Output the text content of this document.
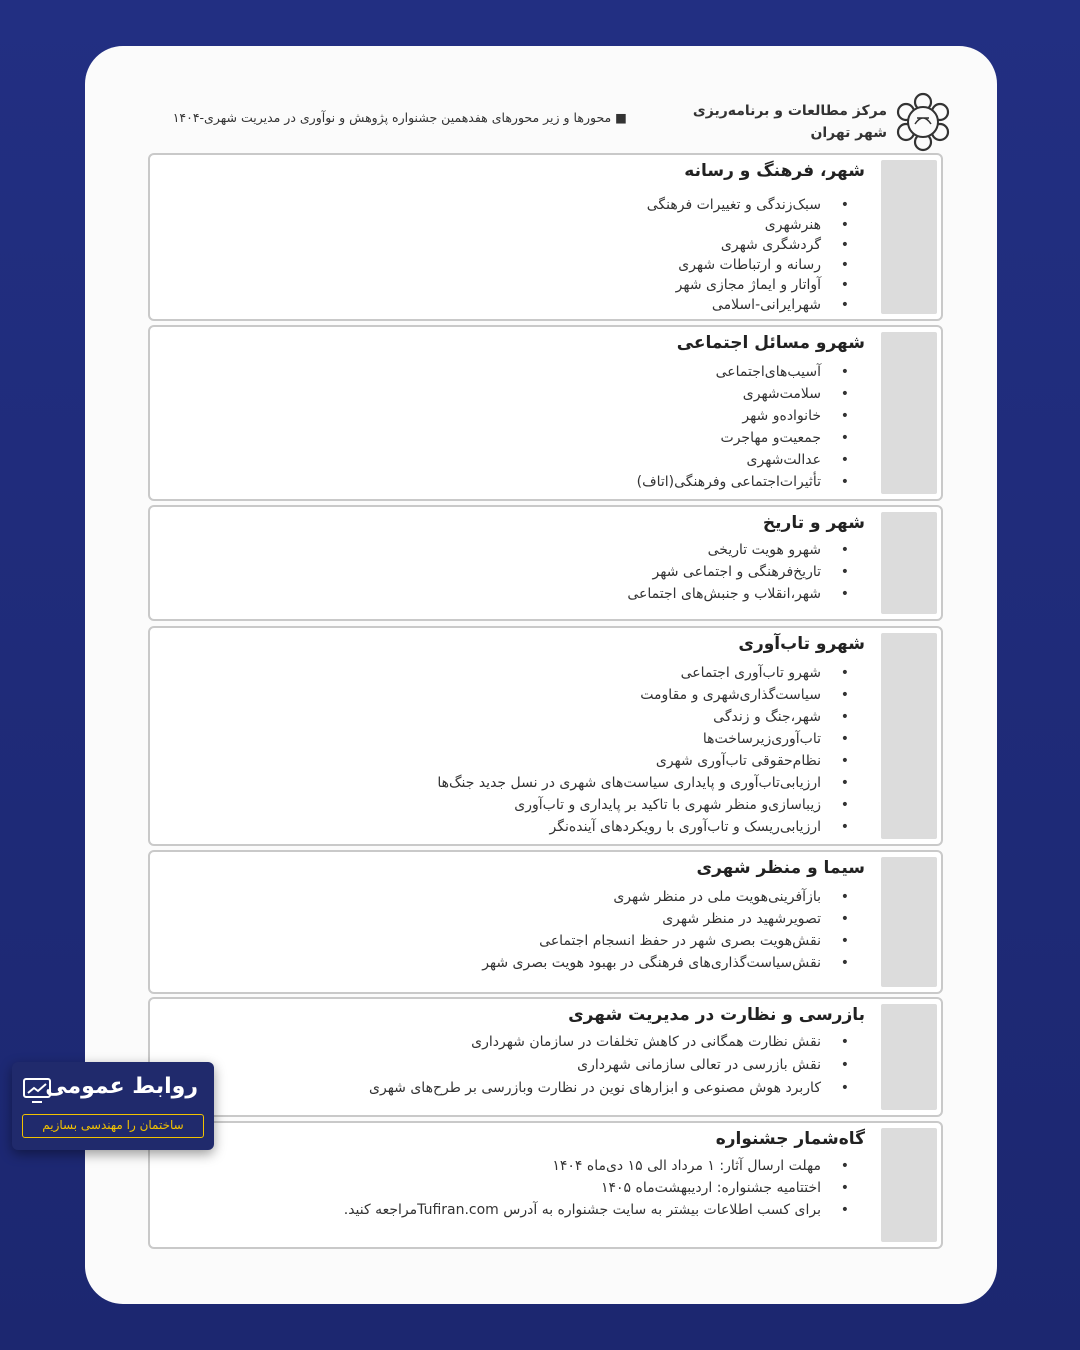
مرکز مطالعات و برنامه‌ریزی
شهر تهران
■ محورها و زیر محورهای هفدهمین جشنواره پژوهش و نوآوری در مدیریت شهری-۱۴۰۴
شهر، فرهنگ و رسانه
•
سبک‌زندگی و تغییرات فرهنگی
•
هنرشهری
•
گردشگری شهری
•
رسانه و ارتباطات شهری
•
آواتار و ایماژ مجازی شهر
•
شهرایرانی-اسلامی
شهرو مسائل اجتماعی
•
آسیب‌های‌اجتماعی
•
سلامت‌شهری
•
خانواده‌و شهر
•
جمعیت‌و مهاجرت
•
عدالت‌شهری
•
تأثیرات‌اجتماعی وفرهنگی(اتاف)
شهر و تاریخ
•
شهرو هویت تاریخی
•
تاریخ‌فرهنگی و اجتماعی شهر
•
شهر،انقلاب و جنبش‌های اجتماعی
شهرو تاب‌آوری
•
شهرو تاب‌آوری اجتماعی
•
سیاست‌گذاری‌شهری و مقاومت
•
شهر،جنگ و زندگی
•
تاب‌آوری‌زیرساخت‌ها
•
نظام‌حقوقی تاب‌آوری شهری
•
ارزیابی‌تاب‌آوری و پایداری سیاست‌های شهری در نسل جدید جنگ‌ها
•
زیباسازی‌و منظر شهری با تاکید بر پایداری و تاب‌آوری
•
ارزیابی‌ریسک و تاب‌آوری با رویکردهای آینده‌نگر
سیما و منظر شهری
•
بازآفرینی‌هویت ملی در منظر شهری
•
تصویرشهید در منظر شهری
•
نقش‌هویت بصری شهر در حفظ انسجام اجتماعی
•
نقش‌سیاست‌گذاری‌های فرهنگی در بهبود هویت بصری شهر
بازرسی و نظارت در مدیریت شهری
•
نقش نظارت همگانی در کاهش تخلفات در سازمان شهرداری
•
نقش بازرسی در تعالی سازمانی شهرداری
•
کاربرد هوش مصنوعی و ابزارهای نوین در نظارت وبازرسی بر طرح‌های شهری
گاه‌شمار جشنواره
•
مهلت ارسال آثار: ۱ مرداد الی ۱۵ دی‌ماه ۱۴۰۴
•
اختتامیه جشنواره: اردیبهشت‌ماه ۱۴۰۵
•
برای کسب اطلاعات بیشتر به سایت جشنواره به آدرس Tufiran.comمراجعه کنید.
روابط عمومی
ساختمان را مهندسی بسازیم
